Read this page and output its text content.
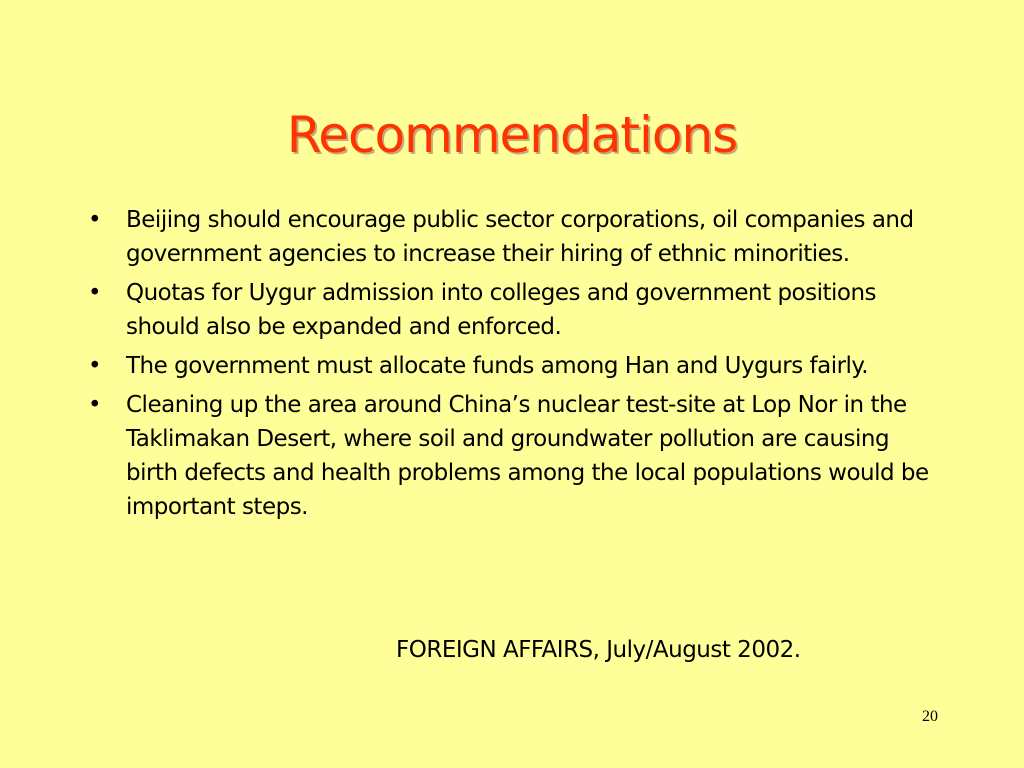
Recommendations
• Beijing should encourage public sector corporations, oil companies and government agencies to increase their hiring of ethnic minorities.
• Quotas for Uygur admission into colleges and government positions should also be expanded and enforced.
• The government must allocate funds among Han and Uygurs fairly.
• Cleaning up the area around China’s nuclear test-site at Lop Nor in the Taklimakan Desert, where soil and groundwater pollution are causing birth defects and health problems among the local populations would be important steps.
FOREIGN AFFAIRS, July/August 2002.
20
